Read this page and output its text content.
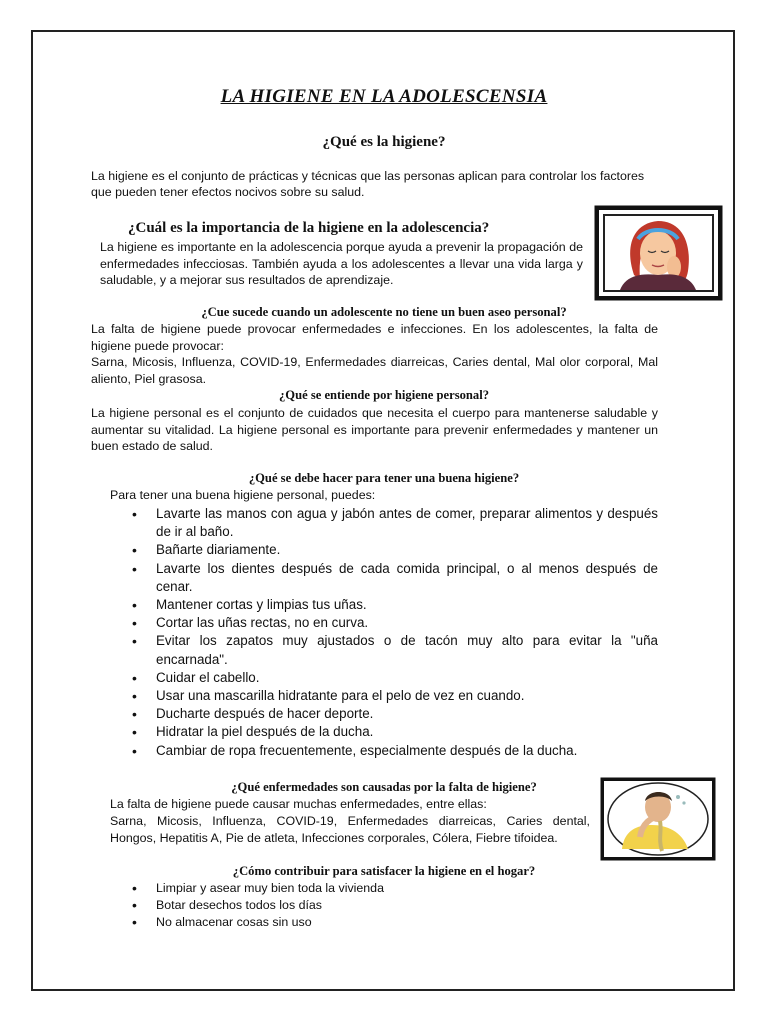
LA HIGIENE EN LA ADOLESCENSIA
¿Qué es la higiene?
La higiene es el conjunto de prácticas y técnicas que las personas aplican para controlar los factores
que pueden tener efectos nocivos sobre su salud.
¿Cuál es la importancia de la higiene en la adolescencia?
La higiene es importante en la adolescencia porque ayuda a prevenir la propagación de enfermedades infecciosas. También ayuda a los adolescentes a llevar una vida larga y saludable, y a mejorar sus resultados de aprendizaje.
¿Cue sucede cuando un adolescente no tiene un buen aseo personal?
La falta de higiene puede provocar enfermedades e infecciones. En los adolescentes, la falta de higiene puede provocar:
Sarna, Micosis, Influenza, COVID-19, Enfermedades diarreicas, Caries dental, Mal olor corporal, Mal aliento, Piel grasosa.
¿Qué se entiende por higiene personal?
La higiene personal es el conjunto de cuidados que necesita el cuerpo para mantenerse saludable y aumentar su vitalidad. La higiene personal es importante para prevenir enfermedades y mantener un buen estado de salud.
¿Qué se debe hacer para tener una buena higiene?
Para tener una buena higiene personal, puedes:
• Lavarte las manos con agua y jabón antes de comer, preparar alimentos y después de ir al baño.
• Bañarte diariamente.
• Lavarte los dientes después de cada comida principal, o al menos después de cenar.
• Mantener cortas y limpias tus uñas.
• Cortar las uñas rectas, no en curva.
• Evitar los zapatos muy ajustados o de tacón muy alto para evitar la "uña encarnada".
• Cuidar el cabello.
• Usar una mascarilla hidratante para el pelo de vez en cuando.
• Ducharte después de hacer deporte.
• Hidratar la piel después de la ducha.
• Cambiar de ropa frecuentemente, especialmente después de la ducha.
¿Qué enfermedades son causadas por la falta de higiene?
La falta de higiene puede causar muchas enfermedades, entre ellas:
Sarna, Micosis, Influenza, COVID-19, Enfermedades diarreicas, Caries dental, Hongos, Hepatitis A, Pie de atleta, Infecciones corporales, Cólera, Fiebre tifoidea.
¿Cómo contribuir para satisfacer la higiene en el hogar?
• Limpiar y asear muy bien toda la vivienda
• Botar desechos todos los días
• No almacenar cosas sin uso
